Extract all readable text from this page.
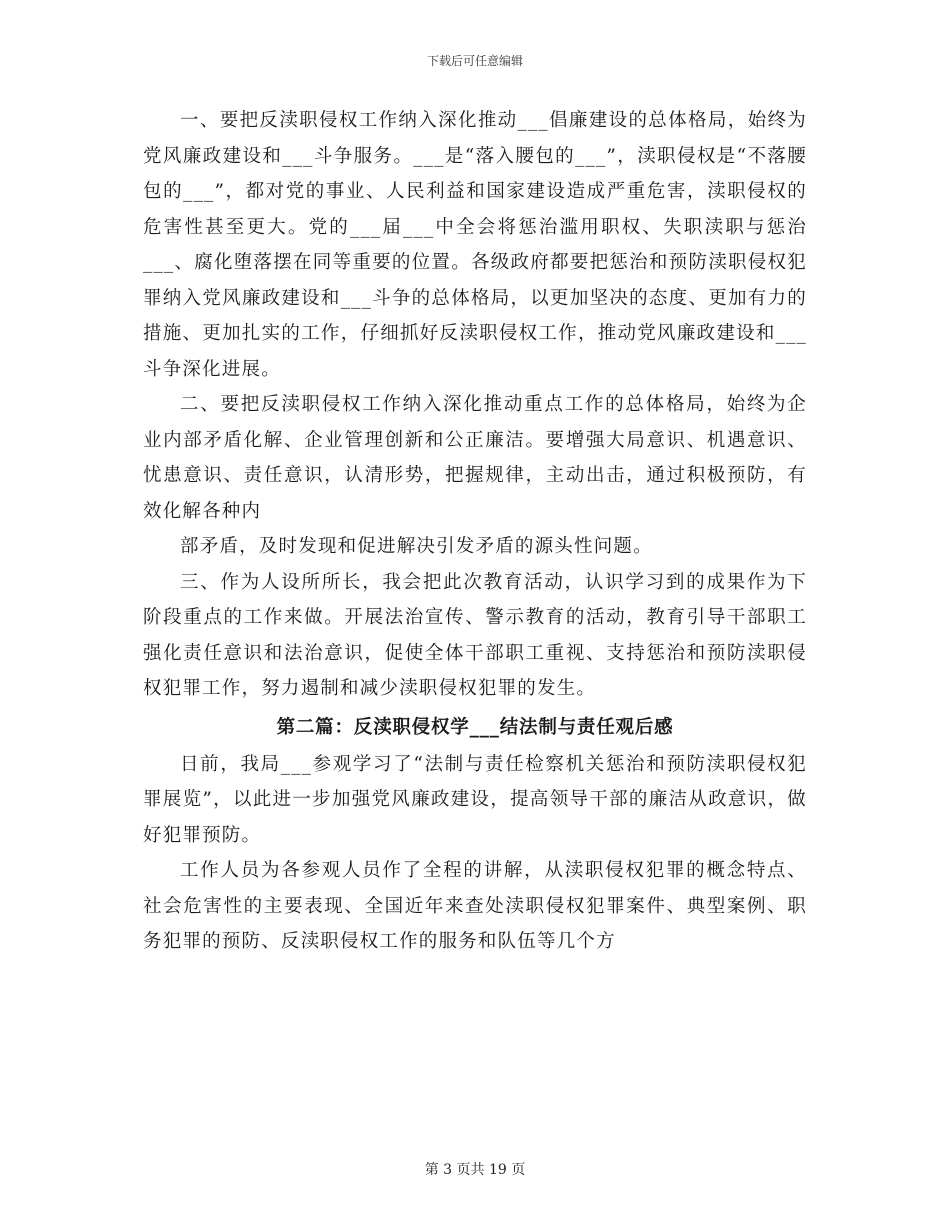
下载后可任意编辑

一、要把反渎职侵权工作纳入深化推动___倡廉建设的总体格局，始终为党风廉政建设和___斗争服务。___是“落入腰包的___”，渎职侵权是“不落腰包的___”，都对党的事业、人民利益和国家建设造成严重危害，渎职侵权的危害性甚至更大。党的___届___中全会将惩治滥用职权、失职渎职与惩治___、腐化堕落摆在同等重要的位置。各级政府都要把惩治和预防渎职侵权犯罪纳入党风廉政建设和___斗争的总体格局，以更加坚决的态度、更加有力的措施、更加扎实的工作，仔细抓好反渎职侵权工作，推动党风廉政建设和___斗争深化进展。

二、要把反渎职侵权工作纳入深化推动重点工作的总体格局，始终为企业内部矛盾化解、企业管理创新和公正廉洁。要增强大局意识、机遇意识、忧患意识、责任意识，认清形势，把握规律，主动出击，通过积极预防，有效化解各种内

部矛盾，及时发现和促进解决引发矛盾的源头性问题。

三、作为人设所所长，我会把此次教育活动，认识学习到的成果作为下阶段重点的工作来做。开展法治宣传、警示教育的活动，教育引导干部职工强化责任意识和法治意识，促使全体干部职工重视、支持惩治和预防渎职侵权犯罪工作，努力遏制和减少渎职侵权犯罪的发生。

第二篇：反渎职侵权学___结法制与责任观后感

日前，我局___参观学习了“法制与责任检察机关惩治和预防渎职侵权犯罪展览”，以此进一步加强党风廉政建设，提高领导干部的廉洁从政意识，做好犯罪预防。

工作人员为各参观人员作了全程的讲解，从渎职侵权犯罪的概念特点、社会危害性的主要表现、全国近年来查处渎职侵权犯罪案件、典型案例、职务犯罪的预防、反渎职侵权工作的服务和队伍等几个方

第 3 页共 19 页
